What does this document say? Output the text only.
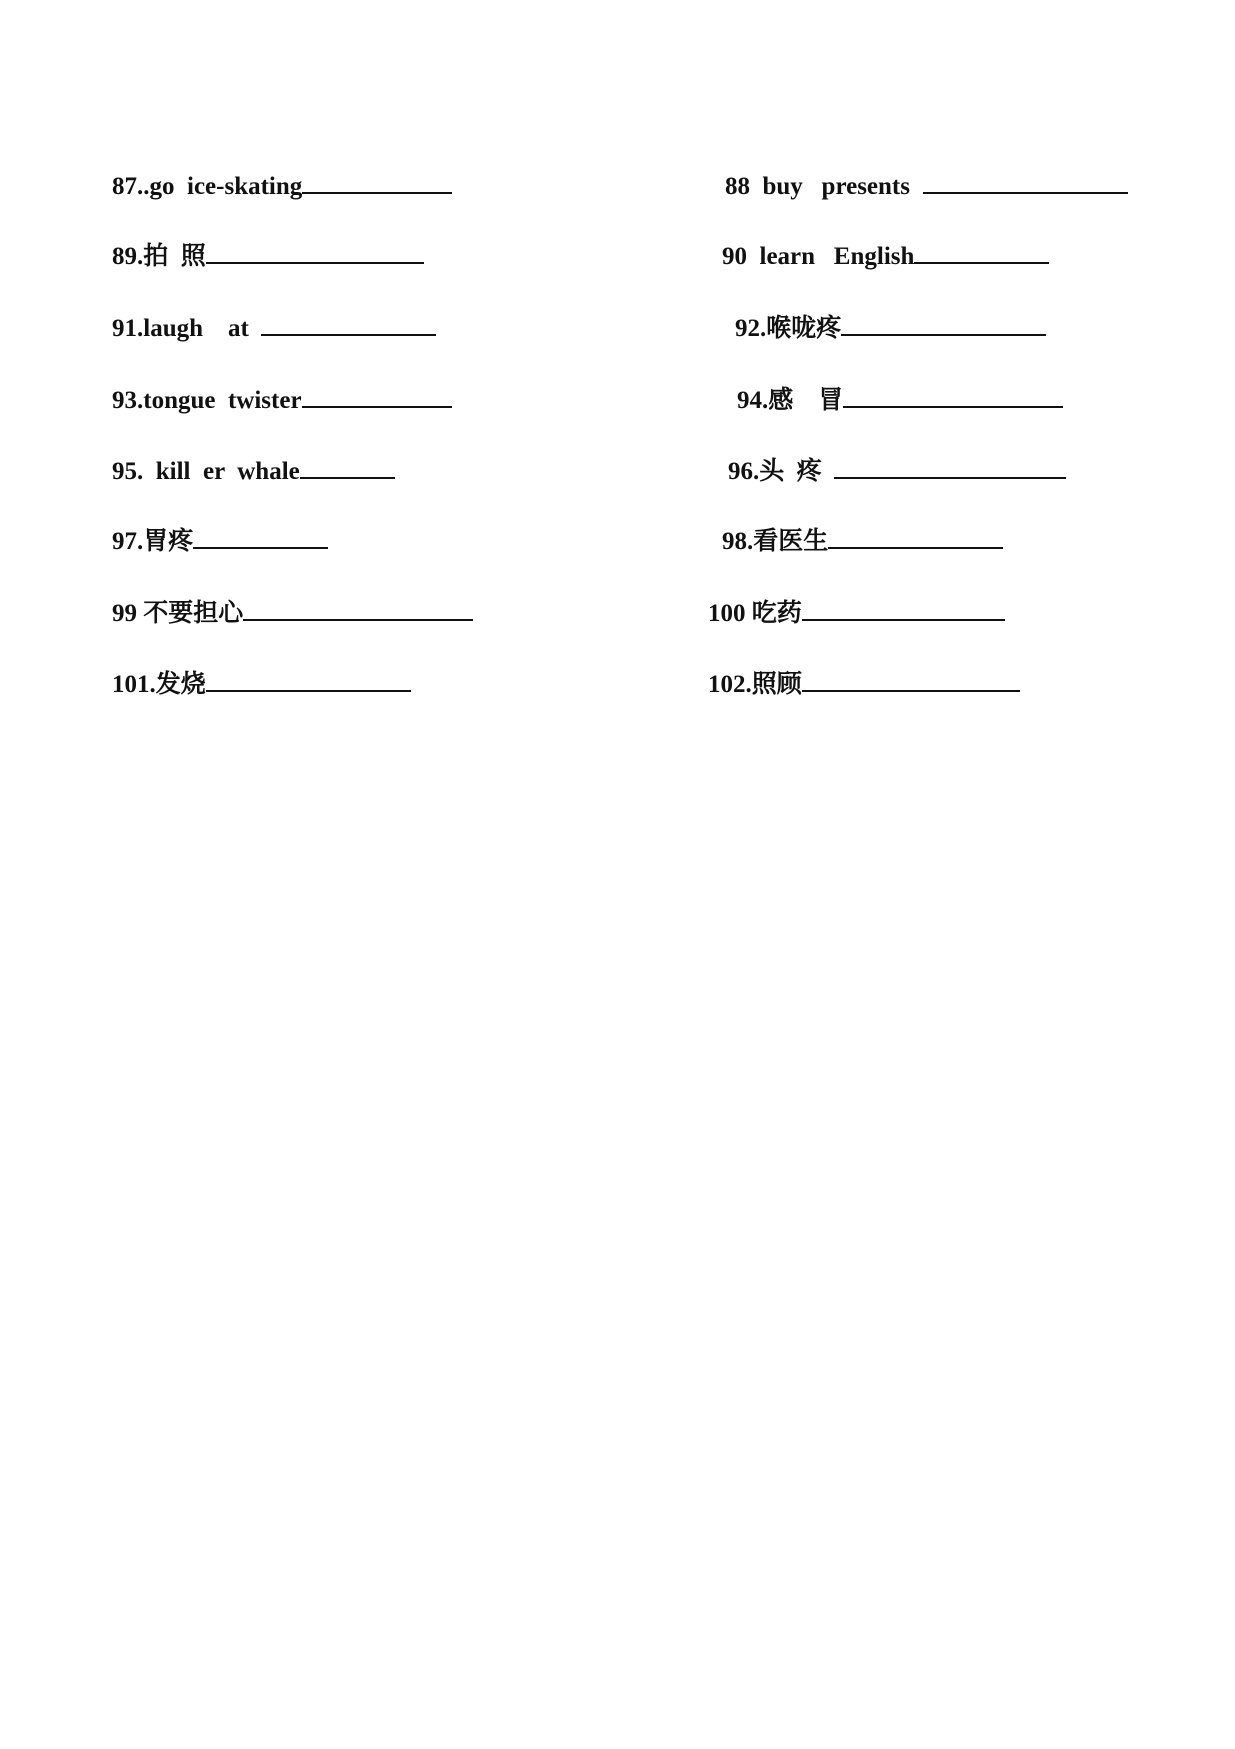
87..go  ice-skating
	88  buy   presents

89.拍  照
	90  learn   English

91.laugh    at
	92.喉咙疼

93.tongue  twister
	94.感    冒

95.  kill  er  whale
	96.头  疼

97.胃疼
	98.看医生

99 不要担心
	100 吃药

101.发烧
	102.照顾
